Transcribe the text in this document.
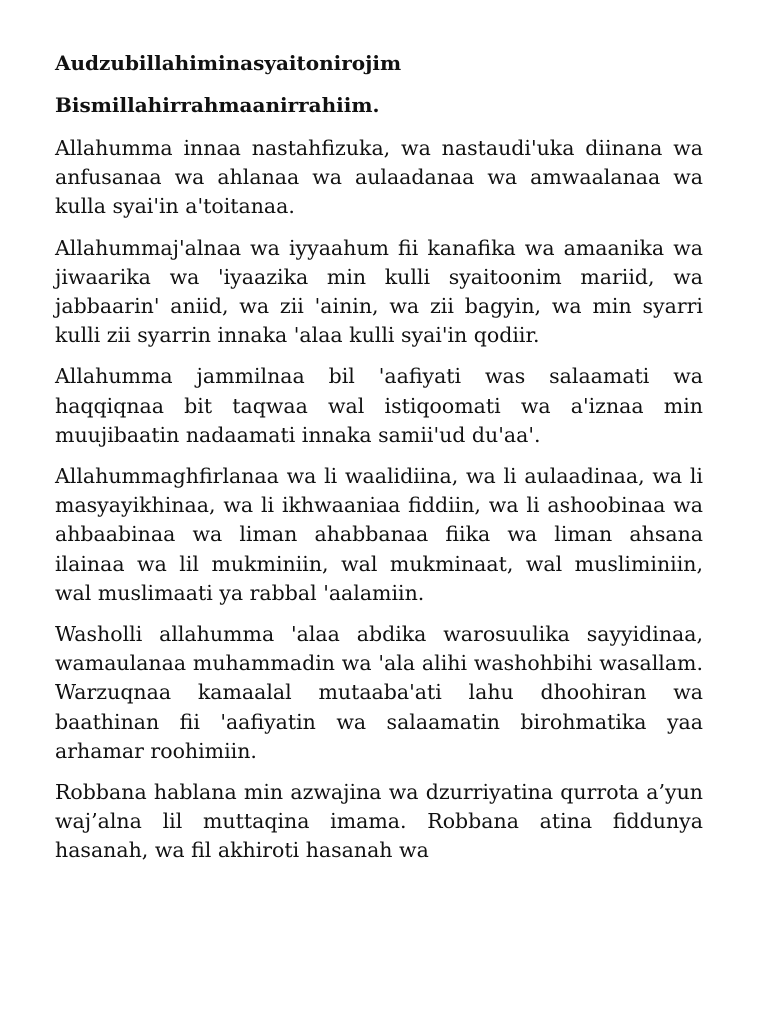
Audzubillahiminasyaitonirojim

Bismillahirrahmaanirrahiim.

Allahumma innaa nastahfizuka, wa nastaudi'uka diinana wa anfusanaa wa ahlanaa wa aulaadanaa wa amwaalanaa wa kulla syai'in a'toitanaa.

Allahummaj'alnaa wa iyyaahum fii kanafika wa amaanika wa jiwaarika wa 'iyaazika min kulli syaitoonim mariid, wa jabbaarin' aniid, wa zii 'ainin, wa zii bagyin, wa min syarri kulli zii syarrin innaka 'alaa kulli syai'in qodiir.

Allahumma jammilnaa bil 'aafiyati was salaamati wa haqqiqnaa bit taqwaa wal istiqoomati wa a'iznaa min muujibaatin nadaamati innaka samii'ud du'aa'.

Allahummaghfirlanaa wa li waalidiina, wa li aulaadinaa, wa li masyayikhinaa, wa li ikhwaaniaa fiddiin, wa li ashoobinaa wa ahbaabinaa wa liman ahabbanaa fiika wa liman ahsana ilainaa wa lil mukminiin, wal mukminaat, wal musliminiin, wal muslimaati ya rabbal 'aalamiin.

Washolli allahumma 'alaa abdika warosuulika sayyidinaa, wamaulanaa muhammadin wa 'ala alihi washohbihi wasallam. Warzuqnaa kamaalal mutaaba'ati lahu dhoohiran wa baathinan fii 'aafiyatin wa salaamatin birohmatika yaa arhamar roohimiin.

Robbana hablana min azwajina wa dzurriyatina qurrota a’yun waj’alna lil muttaqina imama. Robbana atina fiddunya hasanah, wa fil akhiroti hasanah wa
